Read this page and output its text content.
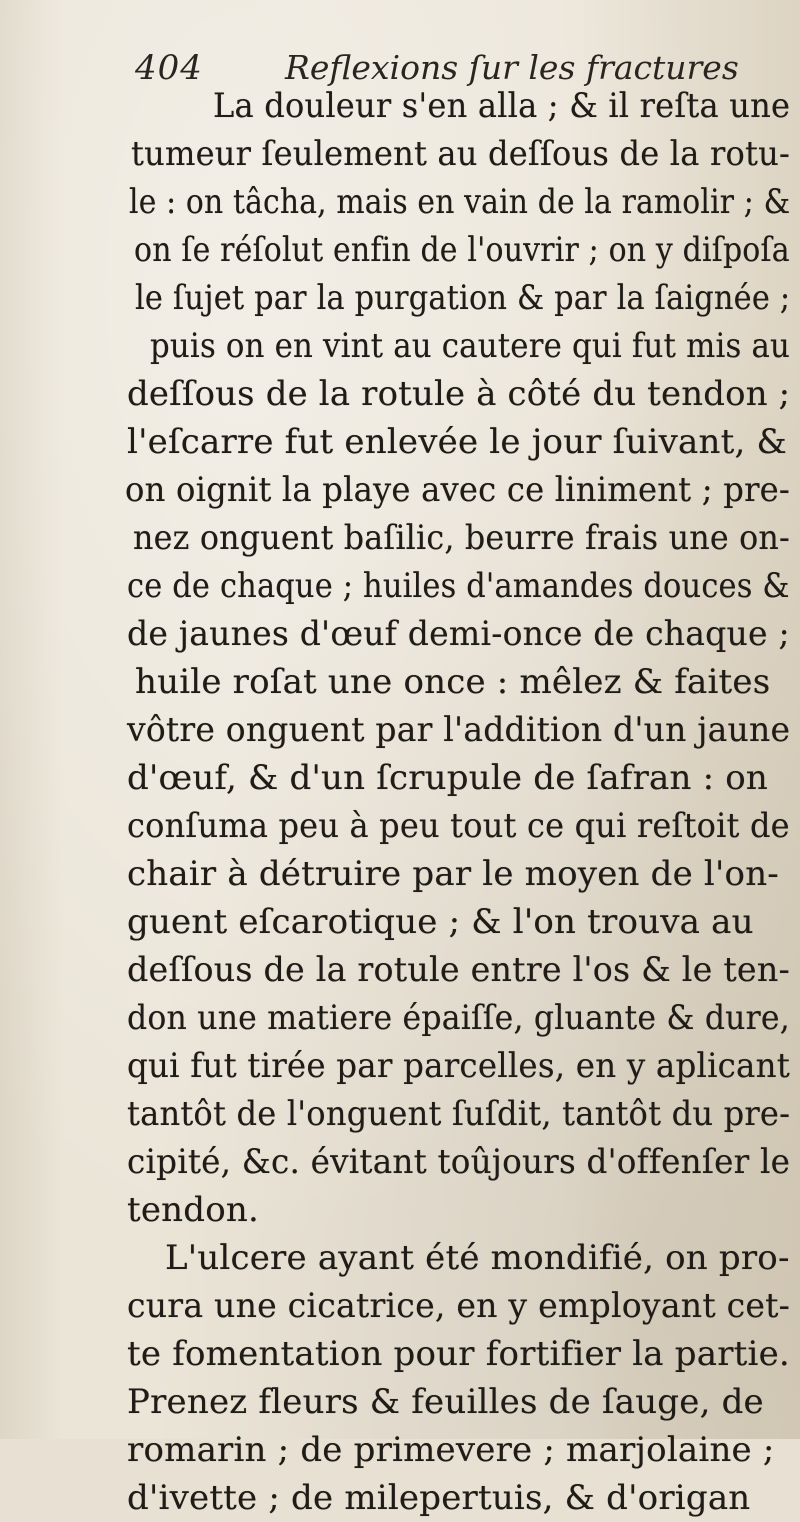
404 Reflexions ſur les fractures
La douleur s'en alla ; & il reſta une
tumeur ſeulement au deſſous de la rotu-
le : on tâcha, mais en vain de la ramolir ; &
on ſe réſolut enfin de l'ouvrir ; on y diſpoſa
le ſujet par la purgation & par la ſaignée ;
puis on en vint au cautere qui fut mis au
deſſous de la rotule à côté du tendon ;
l'eſcarre fut enlevée le jour ſuivant, &
on oignit la playe avec ce liniment ; pre-
nez onguent baſilic, beurre frais une on-
ce de chaque ; huiles d'amandes douces &
de jaunes d'œuf demi-once de chaque ;
huile roſat une once : mêlez & faites
vôtre onguent par l'addition d'un jaune
d'œuf, & d'un ſcrupule de ſafran : on
conſuma peu à peu tout ce qui reſtoit de
chair à détruire par le moyen de l'on-
guent eſcarotique ; & l'on trouva au
deſſous de la rotule entre l'os & le ten-
don une matiere épaiſſe, gluante & dure,
qui fut tirée par parcelles, en y aplicant
tantôt de l'onguent ſuſdit, tantôt du pre-
cipité, &c. évitant toûjours d'offenſer le
tendon.
L'ulcere ayant été mondifié, on pro-
cura une cicatrice, en y employant cet-
te fomentation pour fortifier la partie.
Prenez fleurs & feuilles de ſauge, de
romarin ; de primevere ; marjolaine ;
d'ivette ; de milepertuis, & d'origan
